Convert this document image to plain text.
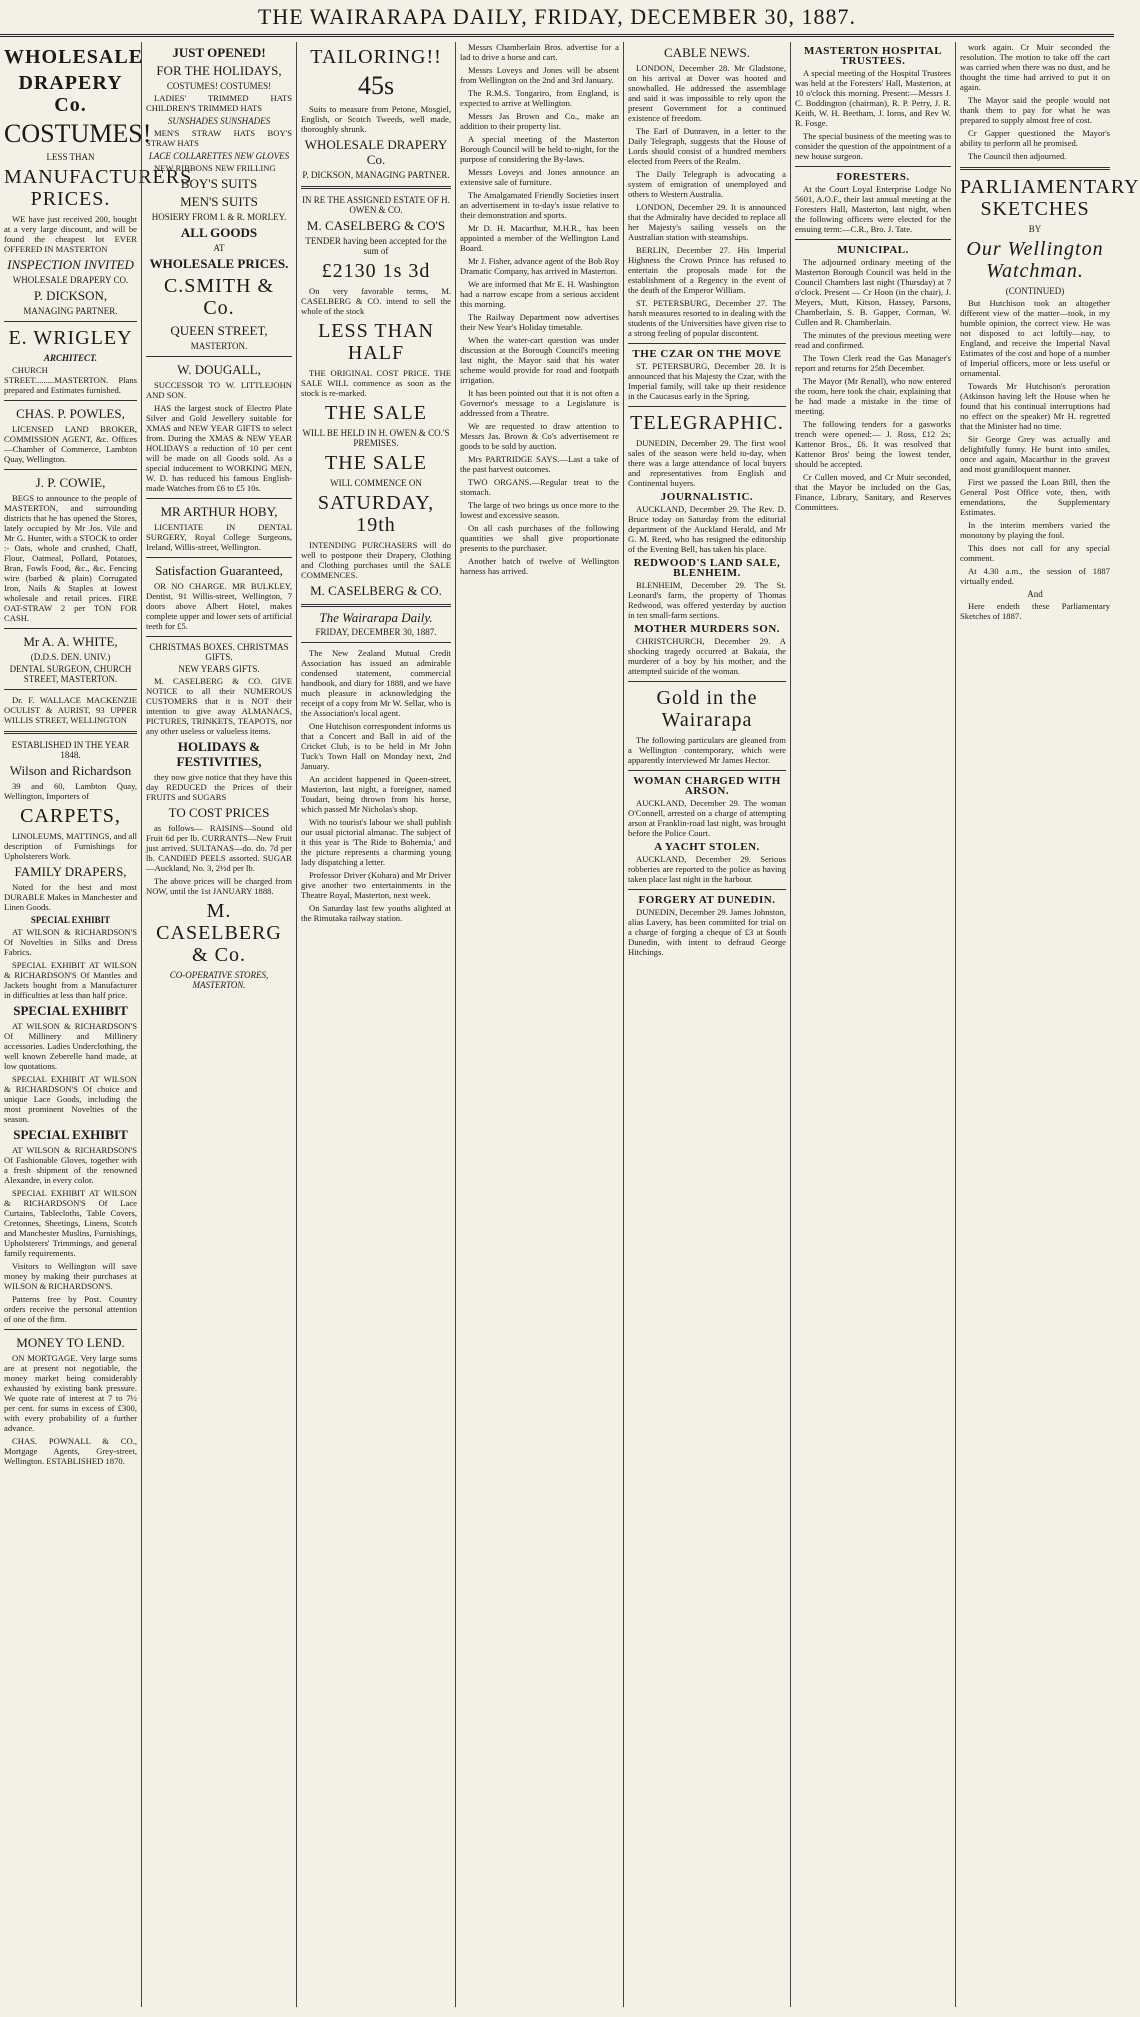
THE WAIRARAPA DAILY, FRIDAY, DECEMBER 30, 1887.
WHOLESALE
DRAPERY Co.
COSTUMES!
LESS THAN
MANUFACTURERS PRICES.

WE have just received 200, bought at a very large discount, and will be found the cheapest lot EVER OFFERED IN MASTERTON

INSPECTION INVITED
WHOLESALE DRAPERY CO.
P. DICKSON,
MANAGING PARTNER.
E. WRIGLEY
ARCHITECT.

CHURCH STREET.........MASTERTON. Plans prepared and Estimates furnished.

CHAS. P. POWLES,

LICENSED LAND BROKER, COMMISSION AGENT, &c. Offices—Chamber of Commerce, Lambton Quay, Wellington.

J. P. COWIE,

BEGS to announce to the people of MASTERTON, and surrounding districts that he has opened the Stores, lately occupied by Mr Jos. Vile and Mr G. Hunter, with a STOCK to order :- Oats, whole and crushed, Chaff, Flour, Oatmeal, Pollard, Potatoes, Bran, Fowls Food, &c., &c. Fencing wire (barbed & plain) Corrugated Iron, Nails & Staples at lowest wholesale and retail prices. FIRE OAT-STRAW 2 per TON FOR CASH.

Mr A. A. WHITE,
(D.D.S. DEN. UNIV.)
DENTAL SURGEON, CHURCH STREET, MASTERTON.

Dr. F. WALLACE MACKENZIE OCULIST & AURIST, 93 UPPER WILLIS STREET, WELLINGTON

ESTABLISHED IN THE YEAR 1848.
Wilson and Richardson

39 and 60, Lambton Quay, Wellington, Importers of

CARPETS,

LINOLEUMS, MATTINGS, and all description of Furnishings for Upholsterers Work.

FAMILY DRAPERS,

Noted for the best and most DURABLE Makes in Manchester and Linen Goods.

SPECIAL EXHIBIT

AT WILSON & RICHARDSON'S Of Novelties in Silks and Dress Fabrics.

SPECIAL EXHIBIT AT WILSON & RICHARDSON'S Of Mantles and Jackets bought from a Manufacturer in difficulties at less than half price.

SPECIAL EXHIBIT

AT WILSON & RICHARDSON'S Of Millinery and Millinery accessories. Ladies Underclothing, the well known Zeberelle hand made, at low quotations.

SPECIAL EXHIBIT AT WILSON & RICHARDSON'S Of choice and unique Lace Goods, including the most prominent Novelties of the season.

SPECIAL EXHIBIT

AT WILSON & RICHARDSON'S Of Fashionable Gloves, together with a fresh shipment of the renowned Alexandre, in every color.

SPECIAL EXHIBIT AT WILSON & RICHARDSON'S Of Lace Curtains, Tablecloths, Table Covers, Cretonnes, Sheetings, Linens, Scotch and Manchester Muslins, Furnishings, Upholsterers' Trimmings, and general family requirements.

Visitors to Wellington will save money by making their purchases at WILSON & RICHARDSON'S.

Patterns free by Post. Country orders receive the personal attention of one of the firm.

MONEY TO LEND.

ON MORTGAGE. Very large sums are at present not negotiable, the money market being considerably exhausted by existing bank pressure. We quote rate of interest at 7 to 7½ per cent. for sums in excess of £300, with every probability of a further advance.

CHAS. POWNALL & CO., Mortgage Agents, Grey-street, Wellington. ESTABLISHED 1870.

JUST OPENED!
FOR THE HOLIDAYS,
COSTUMES! COSTUMES!

LADIES' TRIMMED HATS CHILDREN'S TRIMMED HATS

SUNSHADES SUNSHADES

MEN'S STRAW HATS BOY'S STRAW HATS

LACE COLLARETTES NEW GLOVES

NEW RIBBONS NEW FRILLING

BOY'S SUITS
MEN'S SUITS
HOSIERY FROM I. & R. MORLEY.
ALL GOODS
AT
WHOLESALE PRICES.
C.SMITH & Co.
QUEEN STREET,
MASTERTON.
W. DOUGALL,

SUCCESSOR TO W. LITTLEJOHN AND SON.

HAS the largest stock of Electro Plate Silver and Gold Jewellery suitable for XMAS and NEW YEAR GIFTS to select from. During the XMAS & NEW YEAR HOLIDAYS a reduction of 10 per cent will be made on all Goods sold. As a special inducement to WORKING MEN, W. D. has reduced his famous English-made Watches from £6 to £5 10s.

MR ARTHUR HOBY,

LICENTIATE IN DENTAL SURGERY, Royal College Surgeons, Ireland, Willis-street, Wellington.

Satisfaction Guaranteed,

OR NO CHARGE. MR BULKLEY, Dentist, 91 Willis-street, Wellington, 7 doors above Albert Hotel, makes complete upper and lower sets of artificial teeth for £5.

CHRISTMAS BOXES. CHRISTMAS GIFTS.
NEW YEARS GIFTS.

M. CASELBERG & CO. GIVE NOTICE to all their NUMEROUS CUSTOMERS that it is NOT their intention to give away ALMANACS, PICTURES, TRINKETS, TEAPOTS, nor any other useless or valueless items.

HOLIDAYS & FESTIVITIES,

they now give notice that they have this day REDUCED the Prices of their FRUITS and SUGARS

TO COST PRICES

as follows— RAISINS—Sound old Fruit 6d per lb. CURRANTS—New Fruit just arrived. SULTANAS—do. do. 7d per lb. CANDIED PEELS assorted. SUGAR—Auckland, No. 3, 2½d per lb.

The above prices will be charged from NOW, until the 1st JANUARY 1888.

M. CASELBERG & Co.
CO-OPERATIVE STORES, MASTERTON.
TAILORING!!
45s

Suits to measure from Petone, Mosgiel, English, or Scotch Tweeds, well made, thoroughly shrunk.

WHOLESALE DRAPERY Co.
P. DICKSON, MANAGING PARTNER.
IN RE THE ASSIGNED ESTATE OF H. OWEN & CO.
M. CASELBERG & CO'S
TENDER having been accepted for the sum of
£2130 1s 3d

On very favorable terms, M. CASELBERG & CO. intend to sell the whole of the stock

LESS THAN HALF

THE ORIGINAL COST PRICE. THE SALE WILL commence as soon as the stock is re-marked.

THE SALE
WILL BE HELD IN H. OWEN & CO.'S PREMISES.
THE SALE
WILL COMMENCE ON
SATURDAY, 19th

INTENDING PURCHASERS will do well to postpone their Drapery, Clothing and Clothing purchases until the SALE COMMENCES.

M. CASELBERG & CO.
The Wairarapa Daily.
FRIDAY, DECEMBER 30, 1887.

The New Zealand Mutual Credit Association has issued an admirable condensed statement, commercial handbook, and diary for 1888, and we have much pleasure in acknowledging the receipt of a copy from Mr W. Sellar, who is the Association's local agent.

One Hutchison correspondent informs us that a Concert and Ball in aid of the Cricket Club, is to be held in Mr John Tuck's Town Hall on Monday next, 2nd January.

An accident happened in Queen-street, Masterton, last night, a foreigner, named Toudart, being thrown from his horse, which passed Mr Nicholas's shop.

With no tourist's labour we shall publish our usual pictorial almanac. The subject of it this year is 'The Ride to Bohemia,' and the picture represents a charming young lady dispatching a letter.

Professor Driver (Kohara) and Mr Driver give another two entertainments in the Theatre Royal, Masterton, next week.

On Saturday last few youths alighted at the Rimutaka railway station.

Messrs Chamberlain Bros. advertise for a lad to drive a horse and cart.

Messrs Loveys and Jones will be absent from Wellington on the 2nd and 3rd January.

The R.M.S. Tongariro, from England, is expected to arrive at Wellington.

Messrs Jas Brown and Co., make an addition to their property list.

A special meeting of the Masterton Borough Council will be held to-night, for the purpose of considering the By-laws.

Messrs Loveys and Jones announce an extensive sale of furniture.

The Amalgamated Friendly Societies insert an advertisement in to-day's issue relative to their demonstration and sports.

Mr D. H. Macarthur, M.H.R., has been appointed a member of the Wellington Land Board.

Mr J. Fisher, advance agent of the Bob Roy Dramatic Company, has arrived in Masterton.

We are informed that Mr E. H. Washington had a narrow escape from a serious accident this morning.

The Railway Department now advertises their New Year's Holiday timetable.

When the water-cart question was under discussion at the Borough Council's meeting last night, the Mayor said that his water scheme would provide for road and footpath irrigation.

It has been pointed out that it is not often a Governor's message to a Legislature is addressed from a Theatre.

We are requested to draw attention to Messrs Jas. Brown & Co's advertisement re goods to be sold by auction.

Mrs PARTRIDGE SAYS.—Last a take of the past harvest outcomes.

TWO ORGANS.—Regular treat to the stomach.

The large of two brings us once more to the lowest and excessive season.

On all cash purchases of the following quantities we shall give proportionate presents to the purchaser.

Another batch of twelve of Wellington harness has arrived.

CABLE NEWS.

LONDON, December 28. Mr Gladstone, on his arrival at Dover was hooted and snowballed. He addressed the assemblage and said it was impossible to rely upon the present Government for a continued existence of freedom.

The Earl of Dunraven, in a letter to the Daily Telegraph, suggests that the House of Lords should consist of a hundred members elected from Peers of the Realm.

The Daily Telegraph is advocating a system of emigration of unemployed and others to Western Australia.

LONDON, December 29. It is announced that the Admiralty have decided to replace all her Majesty's sailing vessels on the Australian station with steamships.

BERLIN, December 27. His Imperial Highness the Crown Prince has refused to entertain the proposals made for the establishment of a Regency in the event of the death of the Emperor William.

ST. PETERSBURG, December 27. The harsh measures resorted to in dealing with the students of the Universities have given rise to a strong feeling of popular discontent.

THE CZAR ON THE MOVE

ST. PETERSBURG, December 28. It is announced that his Majesty the Czar, with the Imperial family, will take up their residence in the Caucasus early in the Spring.

TELEGRAPHIC.

DUNEDIN, December 29. The first wool sales of the season were held to-day, when there was a large attendance of local buyers and representatives from English and Continental buyers.

JOURNALISTIC.

AUCKLAND, December 29. The Rev. D. Bruce today on Saturday from the editorial department of the Auckland Herald, and Mr G. M. Reed, who has resigned the editorship of the Evening Bell, has taken his place.

REDWOOD'S LAND SALE, BLENHEIM.

BLENHEIM, December 29. The St. Leonard's farm, the property of Thomas Redwood, was offered yesterday by auction in ten small-farm sections.

MOTHER MURDERS SON.

CHRISTCHURCH, December 29. A shocking tragedy occurred at Bakaia, the murderer of a boy by his mother, and the attempted suicide of the woman.

Gold in the Wairarapa

The following particulars are gleaned from a Wellington contemporary, which were apparently interviewed Mr James Hector.

WOMAN CHARGED WITH ARSON.

AUCKLAND, December 29. The woman O'Connell, arrested on a charge of attempting arson at Franklin-road last night, was brought before the Police Court.

A YACHT STOLEN.

AUCKLAND, December 29. Serious robberies are reported to the police as having taken place last night in the harbour.

FORGERY AT DUNEDIN.

DUNEDIN, December 29. James Johnston, alias Lavery, has been committed for trial on a charge of forging a cheque of £3 at South Dunedin, with intent to defraud George Hitchings.

MASTERTON HOSPITAL TRUSTEES.

A special meeting of the Hospital Trustees was held at the Foresters' Hall, Masterton, at 10 o'clock this morning. Present:—Messrs J. C. Boddington (chairman), R. P. Perry, J. R. Keith, W. H. Beetham, J. Iorns, and Rev W. R. Fosge.

The special business of the meeting was to consider the question of the appointment of a new house surgeon.

FORESTERS.

At the Court Loyal Enterprise Lodge No 5601, A.O.F., their last annual meeting at the Foresters Hall, Masterton, last night, when the following officers were elected for the ensuing term:—C.R., Bro. J. Tate.

MUNICIPAL.

The adjourned ordinary meeting of the Masterton Borough Council was held in the Council Chambers last night (Thursday) at 7 o'clock. Present — Cr Hoon (in the chair), J. Meyers, Mutt, Kitson, Hassey, Parsons, Chamberlain, S. B. Gapper, Corman, W. Cullen and R. Chamberlain.

The minutes of the previous meeting were read and confirmed.

The Town Clerk read the Gas Manager's report and returns for 25th December.

The Mayor (Mr Renall), who now entered the room, here took the chair, explaining that he had made a mistake in the time of meeting.

The following tenders for a gasworks trench were opened:— J. Ross, £12 2s; Kattenor Bros., £6. It was resolved that Kattenor Bros' being the lowest tender, should be accepted.

Cr Cullen moved, and Cr Muir seconded, that the Mayor be included on the Gas, Finance, Library, Sanitary, and Reserves Committees.

work again. Cr Muir seconded the resolution. The motion to take off the cart was carried when there was no dust, and he thought the time had arrived to put it on again.

The Mayor said the people would not thank them to pay for what he was prepared to supply almost free of cost.

Cr Gapper questioned the Mayor's ability to perform all he promised.

The Council then adjourned.

PARLIAMENTARY SKETCHES
BY
Our Wellington Watchman.
(CONTINUED)

But Hutchison took an altogether different view of the matter—took, in my humble opinion, the correct view. He was not disposed to act loftily—nay, to England, and receive the Imperial Naval Estimates of the cost and hope of a number of Imperial officers, more or less useful or ornamental.

Towards Mr Hutchison's peroration (Atkinson having left the House when he found that his continual interruptions had no effect on the speaker) Mr H. regretted that the Minister had no time.

Sir George Grey was actually and delightfully funny. He burst into smiles, once and again, Macarthur in the gravest and most grandiloquent manner.

First we passed the Loan Bill, then the General Post Office vote, then, with emendations, the Supplementary Estimates.

In the interim members varied the monotony by playing the fool.

This does not call for any special comment.

At 4.30 a.m., the session of 1887 virtually ended.

And

Here endeth these Parliamentary Sketches of 1887.
